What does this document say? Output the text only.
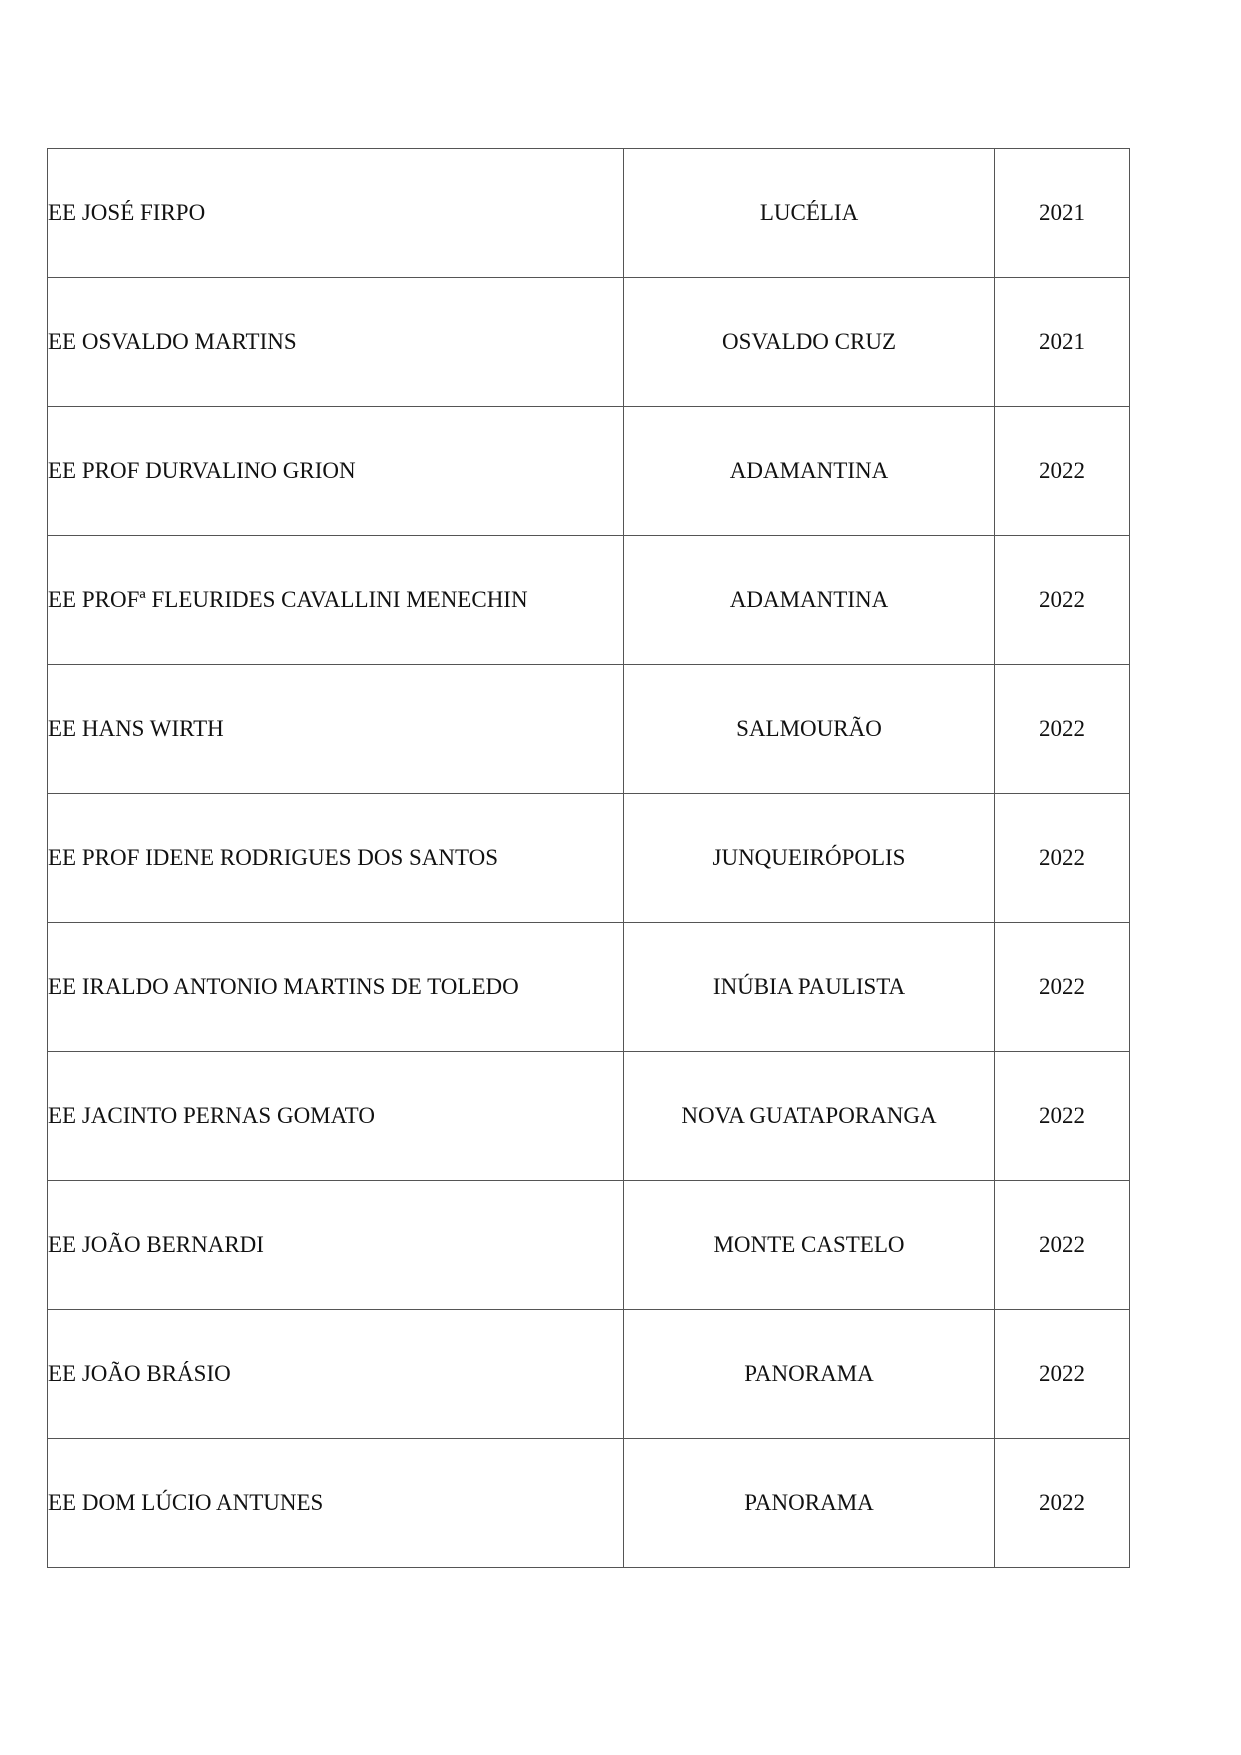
EE JOSÉ FIRPO	LUCÉLIA	2021
EE OSVALDO MARTINS	OSVALDO CRUZ	2021
EE PROF DURVALINO GRION	ADAMANTINA	2022
EE PROFª FLEURIDES CAVALLINI MENECHIN	ADAMANTINA	2022
EE HANS WIRTH	SALMOURÃO	2022
EE PROF IDENE RODRIGUES DOS SANTOS	JUNQUEIRÓPOLIS	2022
EE IRALDO ANTONIO MARTINS DE TOLEDO	INÚBIA PAULISTA	2022
EE JACINTO PERNAS GOMATO	NOVA GUATAPORANGA	2022
EE JOÃO BERNARDI	MONTE CASTELO	2022
EE JOÃO BRÁSIO	PANORAMA	2022
EE DOM LÚCIO ANTUNES	PANORAMA	2022
